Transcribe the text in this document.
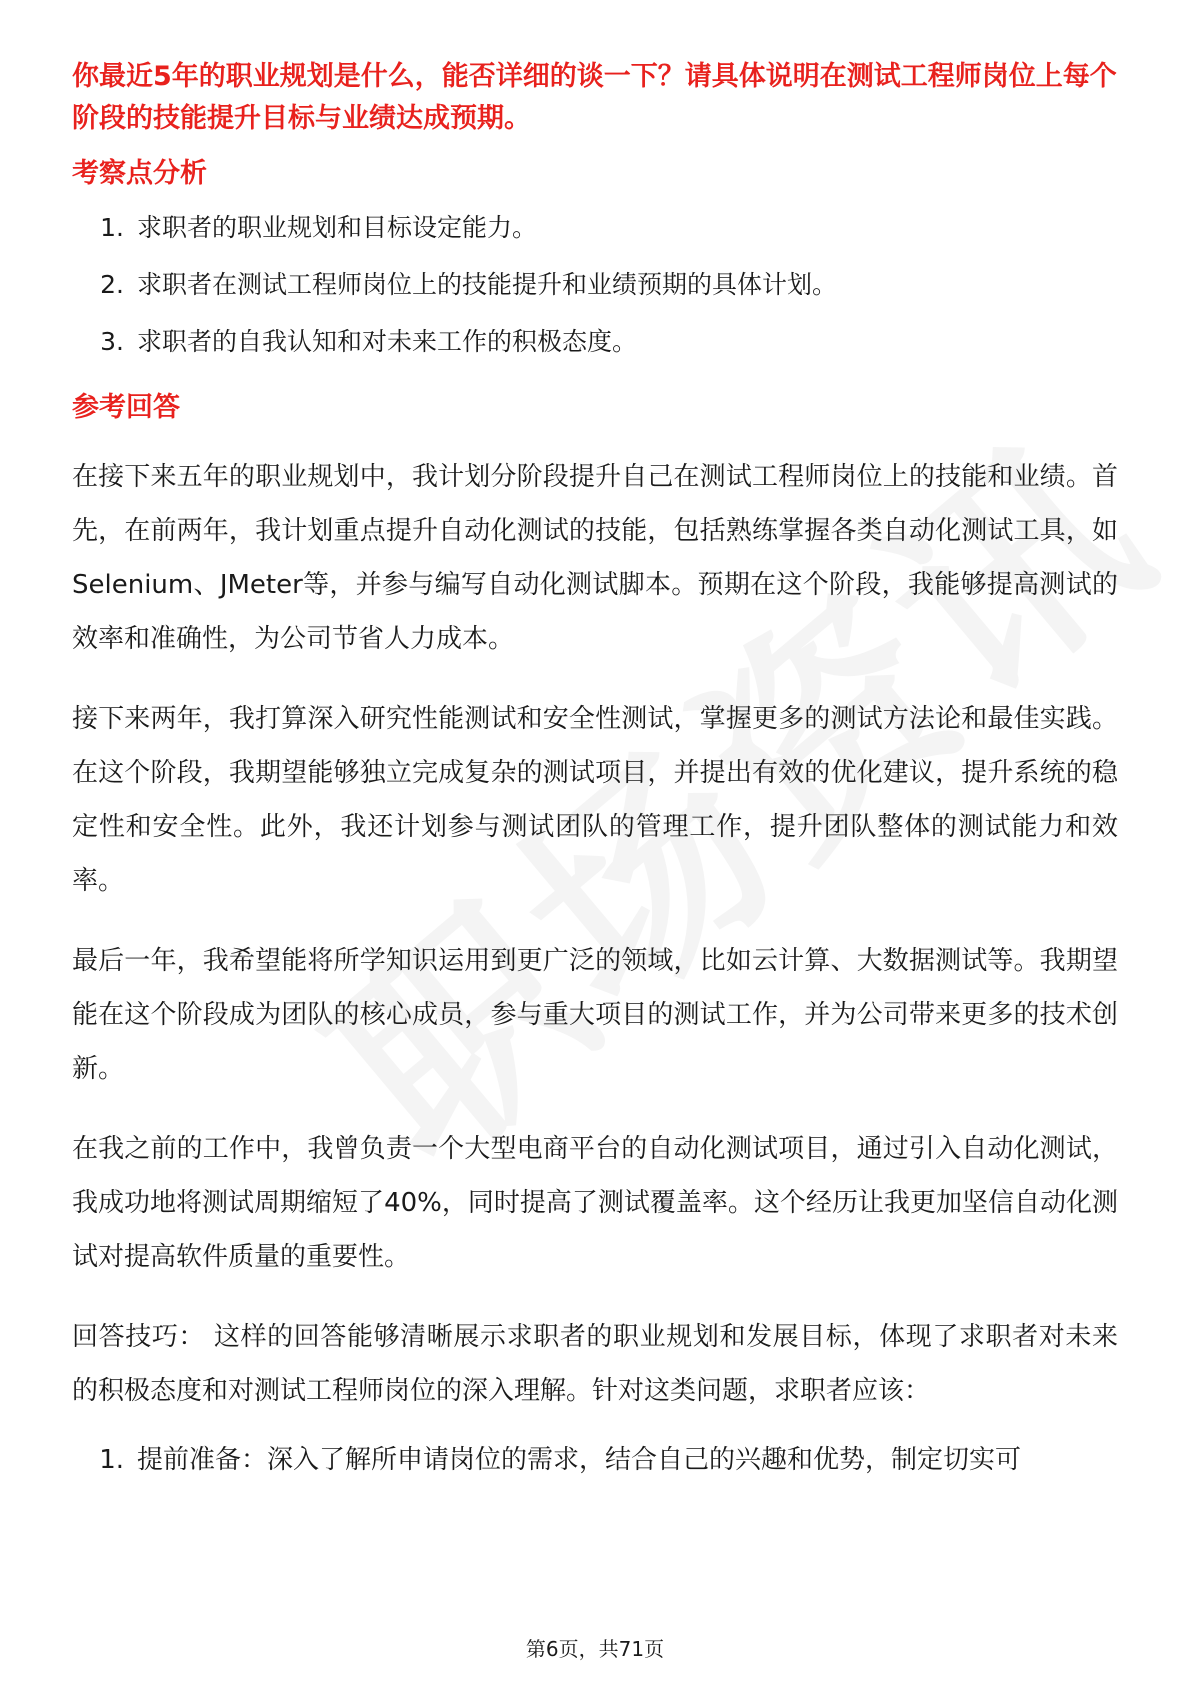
你最近5年的职业规划是什么，能否详细的谈一下？请具体说明在测试工程师岗位上每个阶段的技能提升目标与业绩达成预期。

考察点分析
1. 求职者的职业规划和目标设定能力。
2. 求职者在测试工程师岗位上的技能提升和业绩预期的具体计划。
3. 求职者的自我认知和对未来工作的积极态度。
参考回答

在接下来五年的职业规划中，我计划分阶段提升自己在测试工程师岗位上的技能和业绩。首先，在前两年，我计划重点提升自动化测试的技能，包括熟练掌握各类自动化测试工具，如Selenium、JMeter等，并参与编写自动化测试脚本。预期在这个阶段，我能够提高测试的效率和准确性，为公司节省人力成本。

接下来两年，我打算深入研究性能测试和安全性测试，掌握更多的测试方法论和最佳实践。在这个阶段，我期望能够独立完成复杂的测试项目，并提出有效的优化建议，提升系统的稳定性和安全性。此外，我还计划参与测试团队的管理工作，提升团队整体的测试能力和效率。

最后一年，我希望能将所学知识运用到更广泛的领域，比如云计算、大数据测试等。我期望能在这个阶段成为团队的核心成员，参与重大项目的测试工作，并为公司带来更多的技术创新。

在我之前的工作中，我曾负责一个大型电商平台的自动化测试项目，通过引入自动化测试，我成功地将测试周期缩短了40%，同时提高了测试覆盖率。这个经历让我更加坚信自动化测试对提高软件质量的重要性。

回答技巧： 这样的回答能够清晰展示求职者的职业规划和发展目标，体现了求职者对未来的积极态度和对测试工程师岗位的深入理解。针对这类问题，求职者应该：

1. 提前准备：深入了解所申请岗位的需求，结合自己的兴趣和优势，制定切实可
第6页，共71页
